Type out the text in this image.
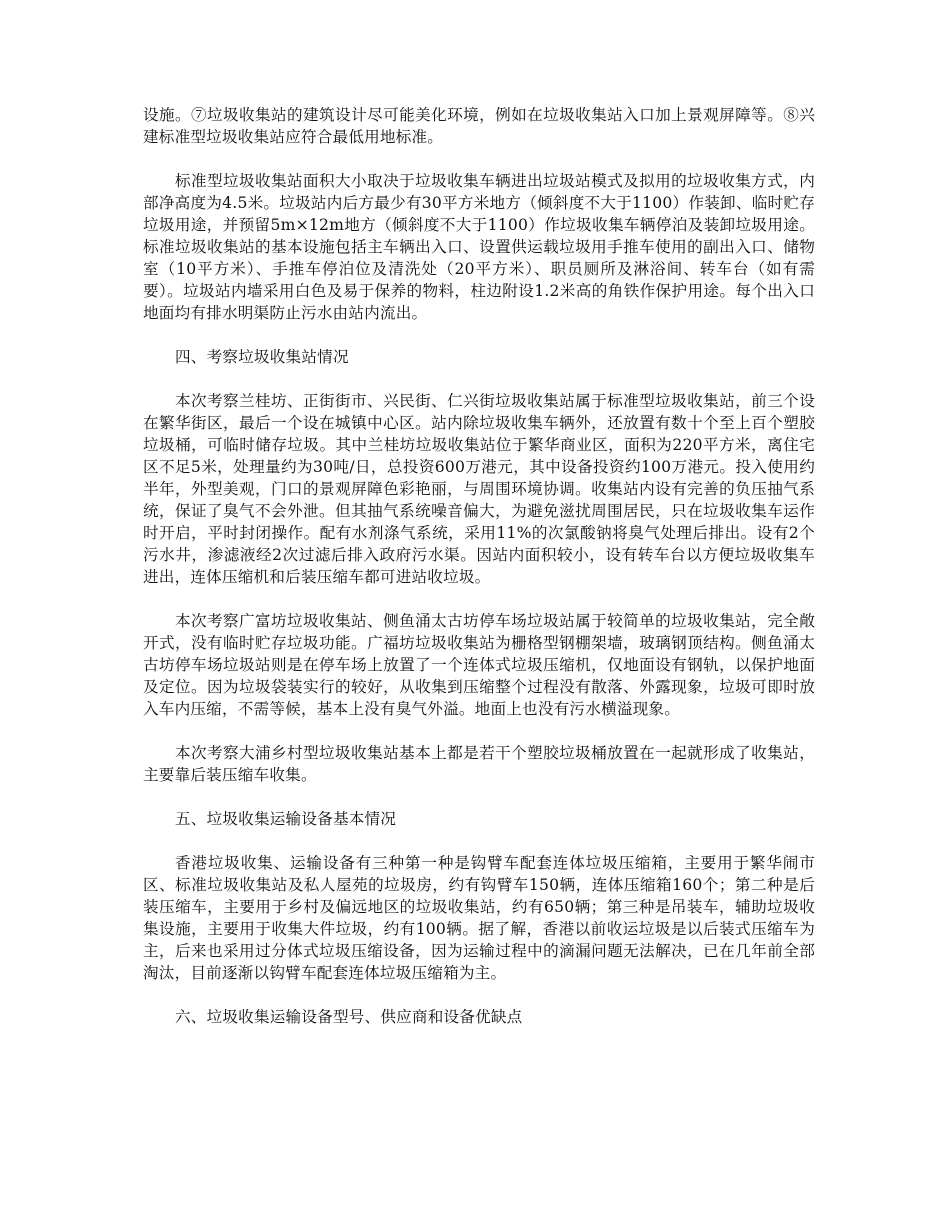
设施。⑦垃圾收集站的建筑设计尽可能美化环境，例如在垃圾收集站入口加上景观屏障等。⑧兴建标准型垃圾收集站应符合最低用地标准。

标准型垃圾收集站面积大小取决于垃圾收集车辆进出垃圾站模式及拟用的垃圾收集方式，内部净高度为4.5米。垃圾站内后方最少有30平方米地方（倾斜度不大于1100）作装卸、临时贮存垃圾用途，并预留5m×12m地方（倾斜度不大于1100）作垃圾收集车辆停泊及装卸垃圾用途。标准垃圾收集站的基本设施包括主车辆出入口、设置供运载垃圾用手推车使用的副出入口、储物室（10平方米）、手推车停泊位及清洗处（20平方米）、职员厕所及淋浴间、转车台（如有需要）。垃圾站内墙采用白色及易于保养的物料，柱边附设1.2米高的角铁作保护用途。每个出入口地面均有排水明渠防止污水由站内流出。

四、考察垃圾收集站情况

本次考察兰桂坊、正街街市、兴民街、仁兴街垃圾收集站属于标准型垃圾收集站，前三个设在繁华街区，最后一个设在城镇中心区。站内除垃圾收集车辆外，还放置有数十个至上百个塑胶垃圾桶，可临时储存垃圾。其中兰桂坊垃圾收集站位于繁华商业区，面积为220平方米，离住宅区不足5米，处理量约为30吨/日，总投资600万港元，其中设备投资约100万港元。投入使用约半年，外型美观，门口的景观屏障色彩艳丽，与周围环境协调。收集站内设有完善的负压抽气系统，保证了臭气不会外泄。但其抽气系统噪音偏大，为避免滋扰周围居民，只在垃圾收集车运作时开启，平时封闭操作。配有水剂涤气系统，采用11%的次氯酸钠将臭气处理后排出。设有2个污水井，渗滤液经2次过滤后排入政府污水渠。因站内面积较小，设有转车台以方便垃圾收集车进出，连体压缩机和后装压缩车都可进站收垃圾。

本次考察广富坊垃圾收集站、侧鱼涌太古坊停车场垃圾站属于较简单的垃圾收集站，完全敞开式，没有临时贮存垃圾功能。广福坊垃圾收集站为栅格型钢棚架墙，玻璃钢顶结构。侧鱼涌太古坊停车场垃圾站则是在停车场上放置了一个连体式垃圾压缩机，仅地面设有钢轨，以保护地面及定位。因为垃圾袋装实行的较好，从收集到压缩整个过程没有散落、外露现象，垃圾可即时放入车内压缩，不需等候，基本上没有臭气外溢。地面上也没有污水横溢现象。

本次考察大浦乡村型垃圾收集站基本上都是若干个塑胶垃圾桶放置在一起就形成了收集站，主要靠后装压缩车收集。

五、垃圾收集运输设备基本情况

香港垃圾收集、运输设备有三种第一种是钩臂车配套连体垃圾压缩箱，主要用于繁华闹市区、标准垃圾收集站及私人屋苑的垃圾房，约有钩臂车150辆，连体压缩箱160个；第二种是后装压缩车，主要用于乡村及偏远地区的垃圾收集站，约有650辆；第三种是吊装车，辅助垃圾收集设施，主要用于收集大件垃圾，约有100辆。据了解，香港以前收运垃圾是以后装式压缩车为主，后来也采用过分体式垃圾压缩设备，因为运输过程中的滴漏问题无法解决，已在几年前全部淘汰，目前逐渐以钩臂车配套连体垃圾压缩箱为主。

六、垃圾收集运输设备型号、供应商和设备优缺点
